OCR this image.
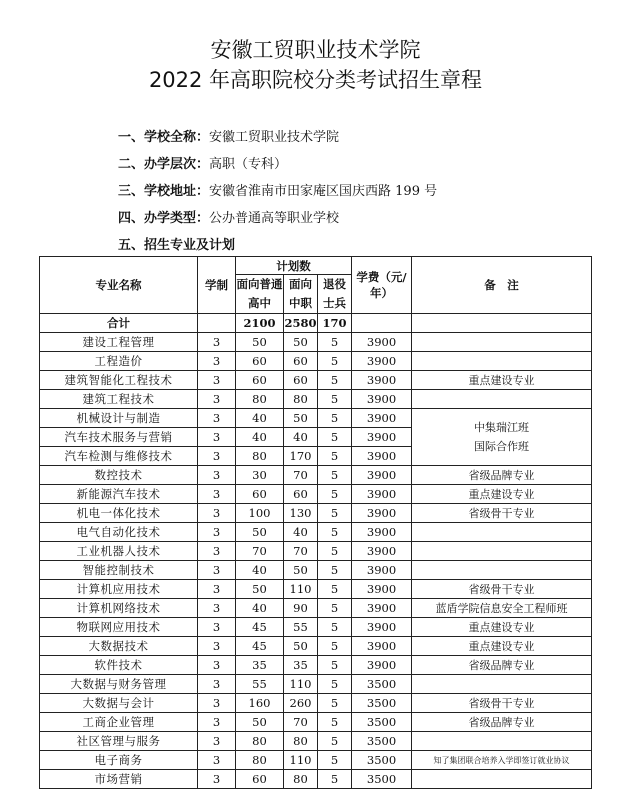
安徽工贸职业技术学院
2022 年高职院校分类考试招生章程
一、学校全称：安徽工贸职业技术学院
二、办学层次：高职（专科）
三、学校地址：安徽省淮南市田家庵区国庆西路 199 号
四、办学类型：公办普通高等职业学校
五、招生专业及计划
专业名称	学制	计划数			学费（元/年）	备　注
		面向普通高中	面向中职	退役士兵		

合计		2100	2580	170		
建设工程管理	3	50	50	5	3900	
工程造价	3	60	60	5	3900	
建筑智能化工程技术	3	60	60	5	3900	重点建设专业
建筑工程技术	3	80	80	5	3900	
机械设计与制造	3	40	50	5	3900	中集瑞江班
国际合作班

汽车技术服务与营销	3	40	40	5	3900	
汽车检测与维修技术	3	80	170	5	3900	
数控技术	3	30	70	5	3900	省级品牌专业
新能源汽车技术	3	60	60	5	3900	重点建设专业
机电一体化技术	3	100	130	5	3900	省级骨干专业
电气自动化技术	3	50	40	5	3900	
工业机器人技术	3	70	70	5	3900	
智能控制技术	3	40	50	5	3900	
计算机应用技术	3	50	110	5	3900	省级骨干专业
计算机网络技术	3	40	90	5	3900	蓝盾学院信息安全工程师班
物联网应用技术	3	45	55	5	3900	重点建设专业
大数据技术	3	45	50	5	3900	重点建设专业
软件技术	3	35	35	5	3900	省级品牌专业
大数据与财务管理	3	55	110	5	3500	
大数据与会计	3	160	260	5	3500	省级骨干专业
工商企业管理	3	50	70	5	3500	省级品牌专业
社区管理与服务	3	80	80	5	3500	
电子商务	3	80	110	5	3500	知了集团联合培养入学即签订就业协议
市场营销	3	60	80	5	3500	
